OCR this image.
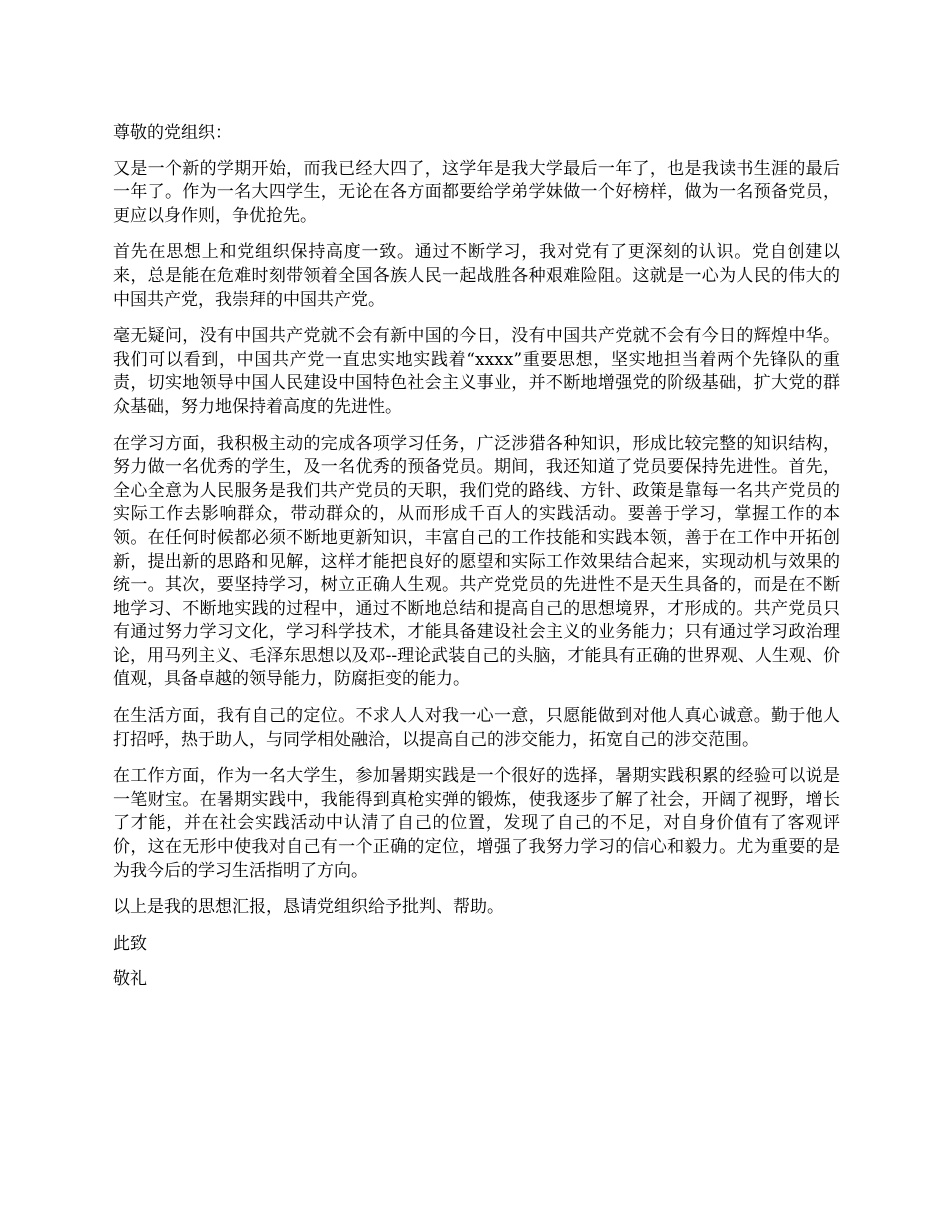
尊敬的党组织：

又是一个新的学期开始，而我已经大四了，这学年是我大学最后一年了，也是我读书生涯的最后一年了。作为一名大四学生，无论在各方面都要给学弟学妹做一个好榜样，做为一名预备党员，更应以身作则，争优抢先。

首先在思想上和党组织保持高度一致。通过不断学习，我对党有了更深刻的认识。党自创建以来，总是能在危难时刻带领着全国各族人民一起战胜各种艰难险阻。这就是一心为人民的伟大的中国共产党，我崇拜的中国共产党。

毫无疑问，没有中国共产党就不会有新中国的今日，没有中国共产党就不会有今日的辉煌中华。我们可以看到，中国共产党一直忠实地实践着“xxxx”重要思想，坚实地担当着两个先锋队的重责，切实地领导中国人民建设中国特色社会主义事业，并不断地增强党的阶级基础，扩大党的群众基础，努力地保持着高度的先进性。

在学习方面，我积极主动的完成各项学习任务，广泛涉猎各种知识，形成比较完整的知识结构，努力做一名优秀的学生，及一名优秀的预备党员。期间，我还知道了党员要保持先进性。首先，全心全意为人民服务是我们共产党员的天职，我们党的路线、方针、政策是靠每一名共产党员的实际工作去影响群众，带动群众的，从而形成千百人的实践活动。要善于学习，掌握工作的本领。在任何时候都必须不断地更新知识，丰富自己的工作技能和实践本领，善于在工作中开拓创新，提出新的思路和见解，这样才能把良好的愿望和实际工作效果结合起来，实现动机与效果的统一。其次，要坚持学习，树立正确人生观。共产党党员的先进性不是天生具备的，而是在不断地学习、不断地实践的过程中，通过不断地总结和提高自己的思想境界，才形成的。共产党员只有通过努力学习文化，学习科学技术，才能具备建设社会主义的业务能力；只有通过学习政治理论，用马列主义、毛泽东思想以及邓--理论武装自己的头脑，才能具有正确的世界观、人生观、价值观，具备卓越的领导能力，防腐拒变的能力。

在生活方面，我有自己的定位。不求人人对我一心一意，只愿能做到对他人真心诚意。勤于他人打招呼，热于助人，与同学相处融洽，以提高自己的涉交能力，拓宽自己的涉交范围。

在工作方面，作为一名大学生，参加暑期实践是一个很好的选择，暑期实践积累的经验可以说是一笔财宝。在暑期实践中，我能得到真枪实弹的锻炼，使我逐步了解了社会，开阔了视野，增长了才能，并在社会实践活动中认清了自己的位置，发现了自己的不足，对自身价值有了客观评价，这在无形中使我对自己有一个正确的定位，增强了我努力学习的信心和毅力。尤为重要的是为我今后的学习生活指明了方向。

以上是我的思想汇报，恳请党组织给予批判、帮助。

此致

敬礼
